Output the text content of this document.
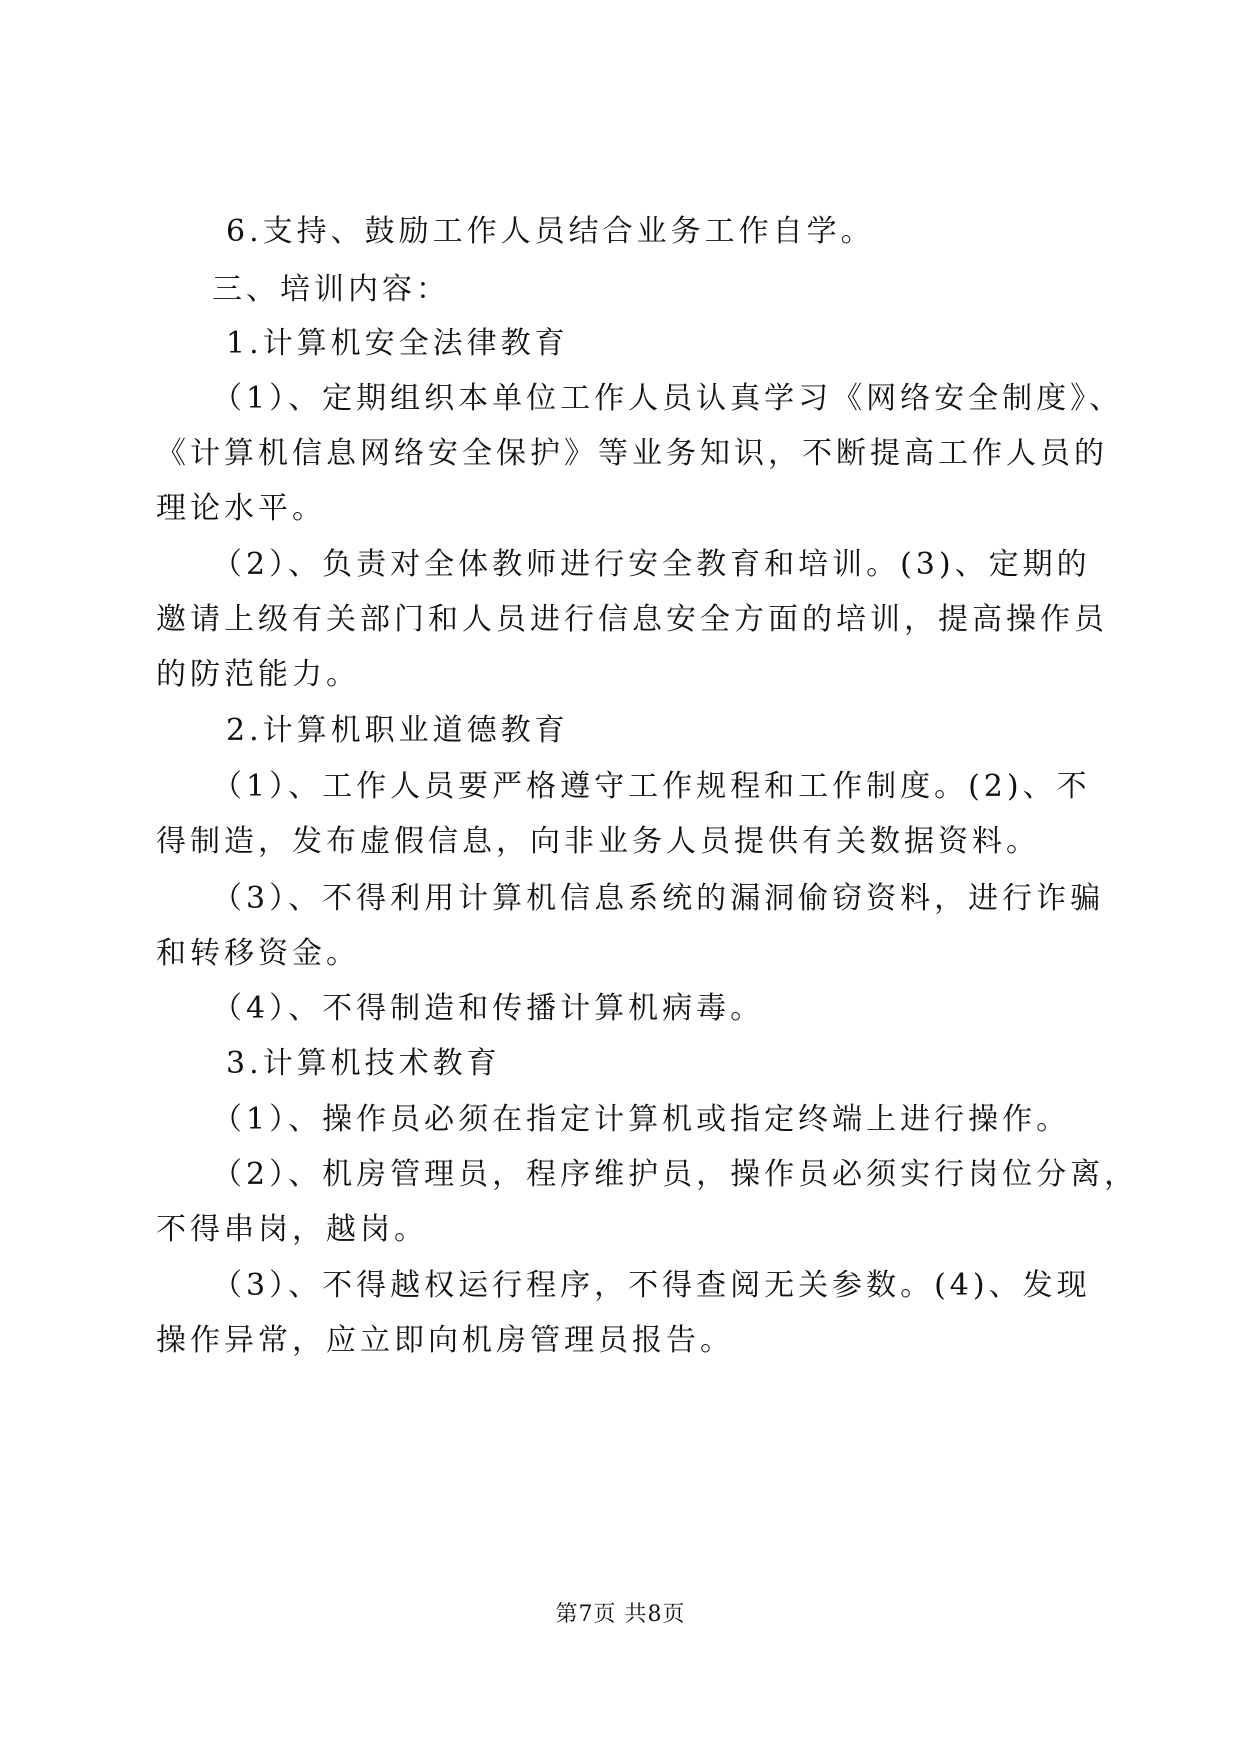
6.支持、鼓励工作人员结合业务工作自学。
三、培训内容：
1.计算机安全法律教育
（1）、定期组织本单位工作人员认真学习《网络安全制度》、
《计算机信息网络安全保护》等业务知识，不断提高工作人员的
理论水平。
（2）、负责对全体教师进行安全教育和培训。(3)、定期的
邀请上级有关部门和人员进行信息安全方面的培训，提高操作员
的防范能力。
2.计算机职业道德教育
（1）、工作人员要严格遵守工作规程和工作制度。(2)、不
得制造，发布虚假信息，向非业务人员提供有关数据资料。
（3）、不得利用计算机信息系统的漏洞偷窃资料，进行诈骗
和转移资金。
（4）、不得制造和传播计算机病毒。
3.计算机技术教育
（1）、操作员必须在指定计算机或指定终端上进行操作。
（2）、机房管理员，程序维护员，操作员必须实行岗位分离，
不得串岗，越岗。
（3）、不得越权运行程序，不得查阅无关参数。(4)、发现
操作异常，应立即向机房管理员报告。
第7页 共8页
